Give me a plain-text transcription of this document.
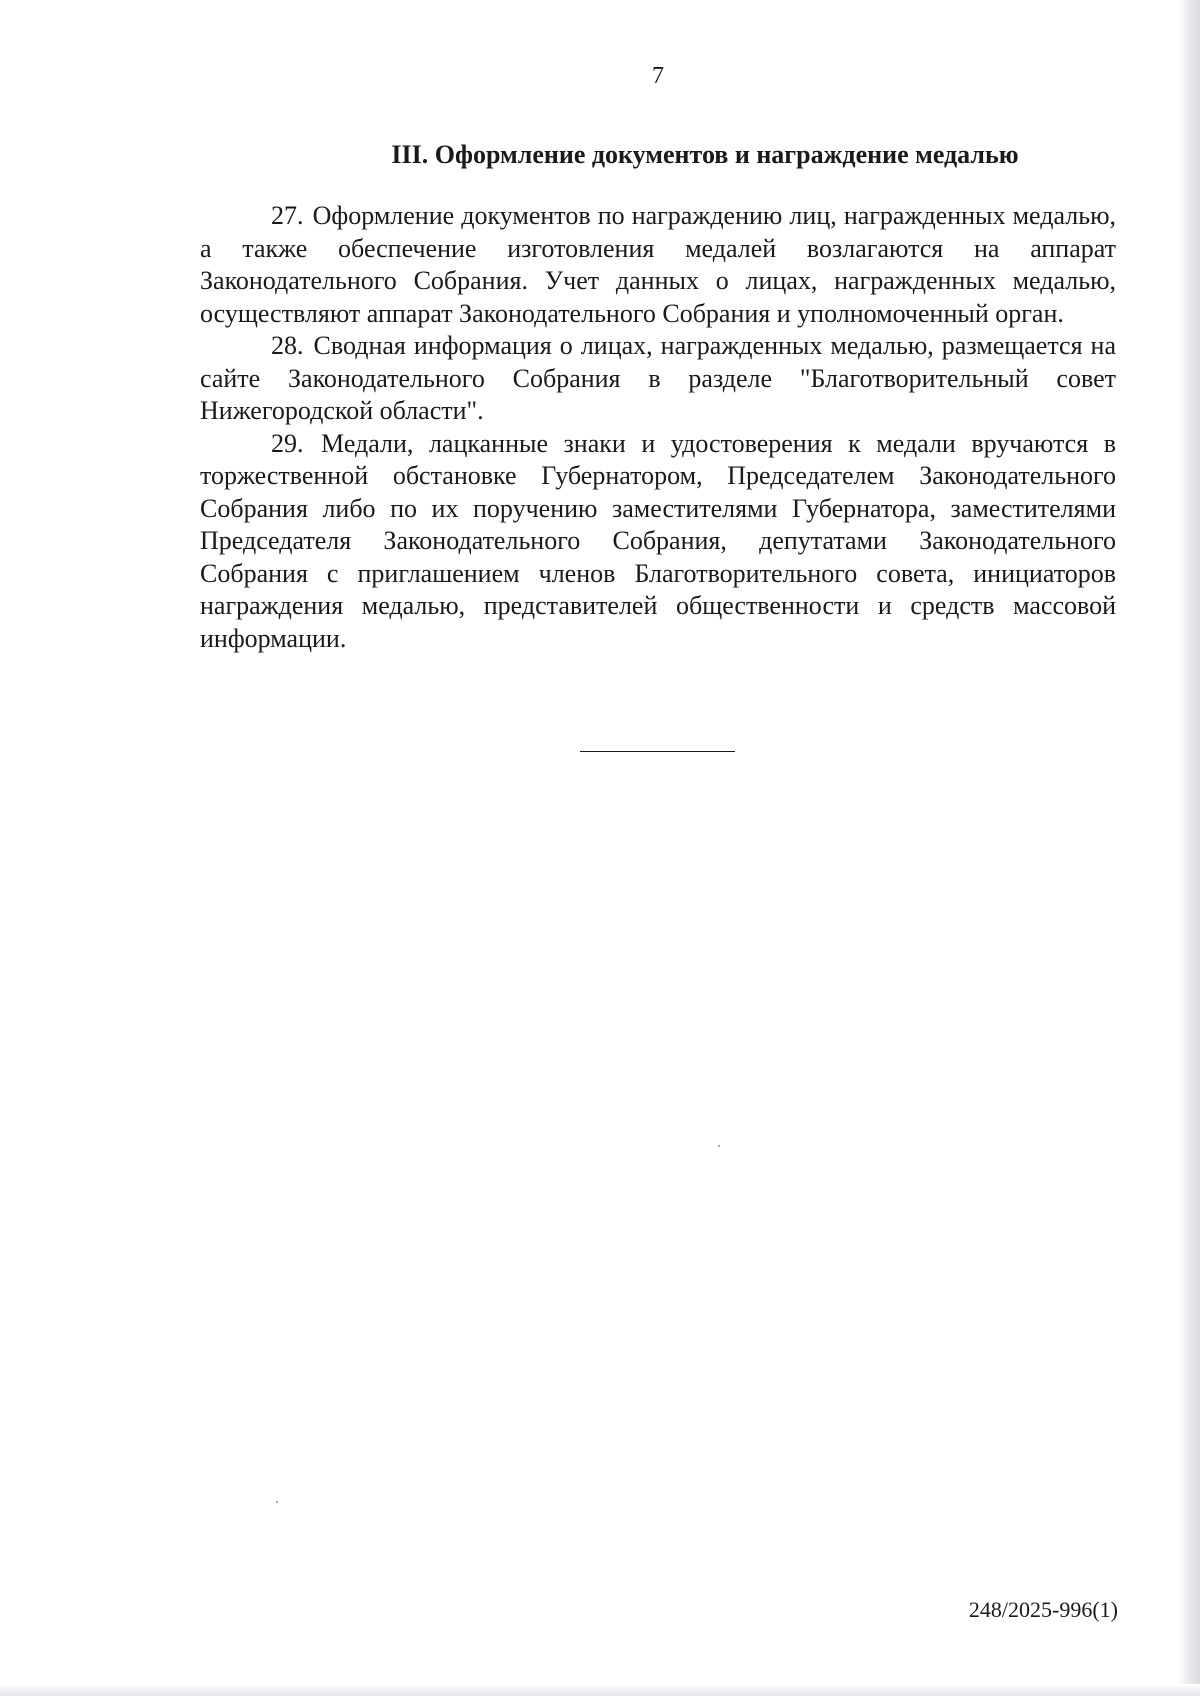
7
III. Оформление документов и награждение медалью

27. Оформление документов по награждению лиц, награжденных медалью, а также обеспечение изготовления медалей возлагаются на аппарат Законодательного Собрания. Учет данных о лицах, награжденных медалью, осуществляют аппарат Законодательного Собрания и уполномоченный орган.

28. Сводная информация о лицах, награжденных медалью, размещается на сайте Законодательного Собрания в разделе "Благотворительный совет Нижегородской области".

29. Медали, лацканные знаки и удостоверения к медали вручаются в торжественной обстановке Губернатором, Председателем Законодательного Собрания либо по их поручению заместителями Губернатора, заместителями Председателя Законодательного Собрания, депутатами Законодательного Собрания с приглашением членов Благотворительного совета, инициаторов награждения медалью, представителей общественности и средств массовой информации.

248/2025-996(1)
